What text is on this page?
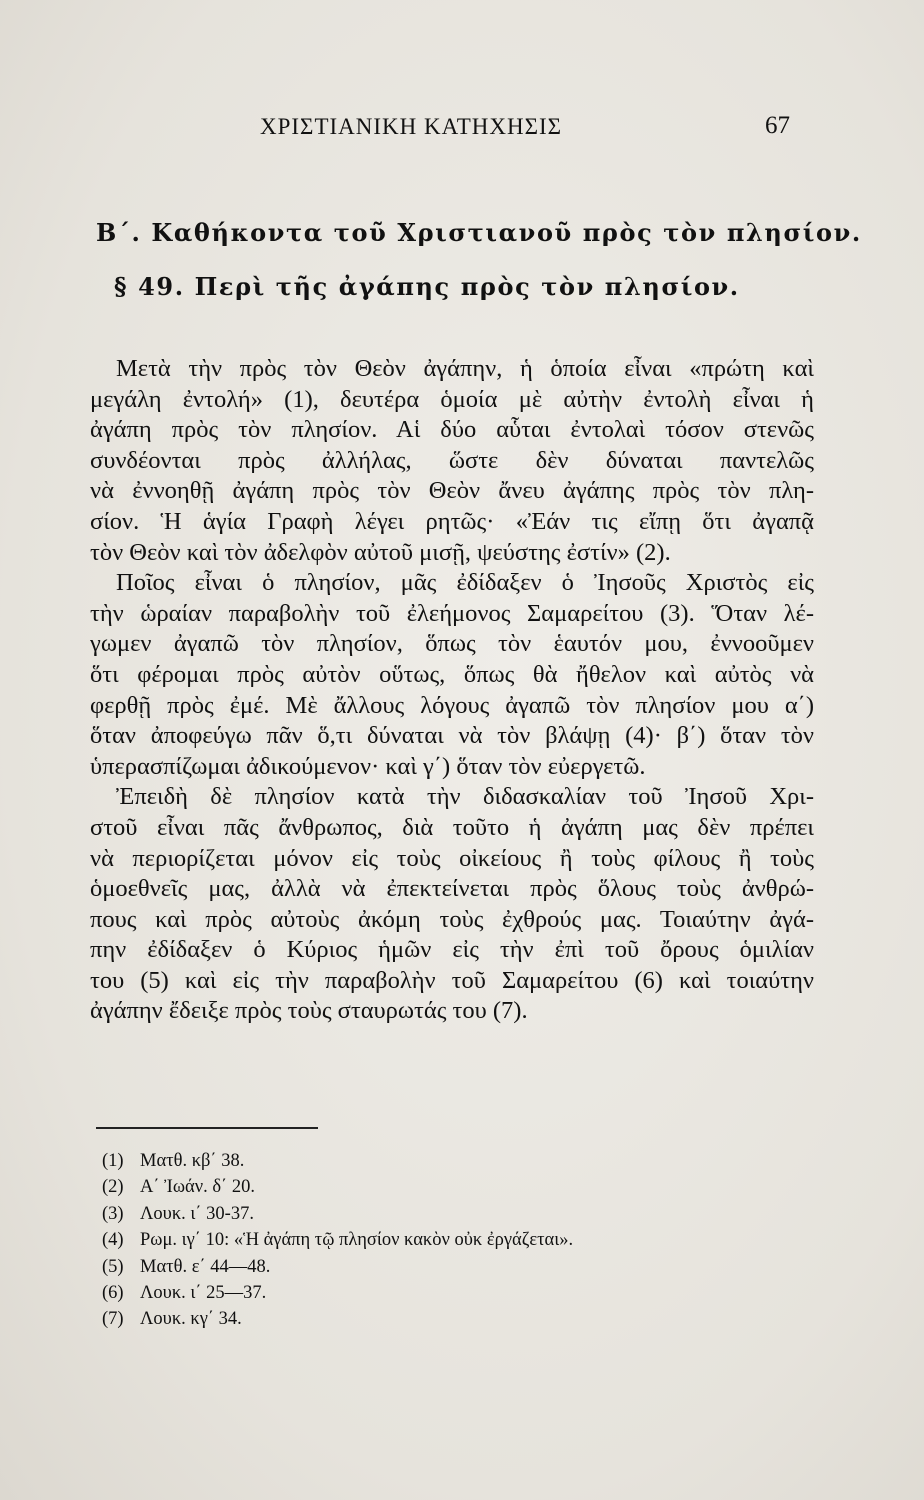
ΧΡΙΣΤΙΑΝΙΚΗ ΚΑΤΗΧΗΣΙΣ	67
Β΄. Καθήκοντα τοῦ Χριστιανοῦ πρὸς τὸν πλησίον.
§ 49. Περὶ τῆς ἀγάπης πρὸς τὸν πλησίον.
Μετὰ τὴν πρὸς τὸν Θεὸν ἀγάπην, ἡ ὁποία εἶναι «πρώτη καὶ
μεγάλη ἐντολή» (1), δευτέρα ὁμοία μὲ αὐτὴν ἐντολὴ εἶναι ἡ
ἀγάπη πρὸς τὸν πλησίον. Αἱ δύο αὗται ἐντολαὶ τόσον στενῶς
συνδέονται πρὸς ἀλλήλας, ὥστε δὲν δύναται παντελῶς
νὰ ἐννοηθῇ ἀγάπη πρὸς τὸν Θεὸν ἄνευ ἀγάπης πρὸς τὸν πλη-
σίον. Ἡ ἁγία Γραφὴ λέγει ρητῶς· «Ἐάν τις εἴπῃ ὅτι ἀγαπᾷ
τὸν Θεὸν καὶ τὸν ἀδελφὸν αὐτοῦ μισῇ, ψεύστης ἐστίν» (2).
Ποῖος εἶναι ὁ πλησίον, μᾶς ἐδίδαξεν ὁ Ἰησοῦς Χριστὸς εἰς
τὴν ὡραίαν παραβολὴν τοῦ ἐλεήμονος Σαμαρείτου (3). Ὅταν λέ-
γωμεν ἀγαπῶ τὸν πλησίον, ὅπως τὸν ἑαυτόν μου, ἐννοοῦμεν
ὅτι φέρομαι πρὸς αὐτὸν οὕτως, ὅπως θὰ ἤθελον καὶ αὐτὸς νὰ
φερθῇ πρὸς ἐμέ. Μὲ ἄλλους λόγους ἀγαπῶ τὸν πλησίον μου α΄)
ὅταν ἀποφεύγω πᾶν ὅ,τι δύναται νὰ τὸν βλάψῃ (4)· β΄) ὅταν τὸν
ὑπερασπίζωμαι ἀδικούμενον· καὶ γ΄) ὅταν τὸν εὐεργετῶ.
Ἐπειδὴ δὲ πλησίον κατὰ τὴν διδασκαλίαν τοῦ Ἰησοῦ Χρι-
στοῦ εἶναι πᾶς ἄνθρωπος, διὰ τοῦτο ἡ ἀγάπη μας δὲν πρέπει
νὰ περιορίζεται μόνον εἰς τοὺς οἰκείους ἢ τοὺς φίλους ἢ τοὺς
ὁμοεθνεῖς μας, ἀλλὰ νὰ ἐπεκτείνεται πρὸς ὅλους τοὺς ἀνθρώ-
πους καὶ πρὸς αὐτοὺς ἀκόμη τοὺς ἐχθρούς μας. Τοιαύτην ἀγά-
πην ἐδίδαξεν ὁ Κύριος ἡμῶν εἰς τὴν ἐπὶ τοῦ ὄρους ὁμιλίαν
του (5) καὶ εἰς τὴν παραβολὴν τοῦ Σαμαρείτου (6) καὶ τοιαύτην
ἀγάπην ἔδειξε πρὸς τοὺς σταυρωτάς του (7).
(1) Ματθ. κβ΄ 38.
(2) Α΄ Ἰωάν. δ΄ 20.
(3) Λουκ. ι΄ 30-37.
(4) Ρωμ. ιγ΄ 10: «Ἡ ἀγάπη τῷ πλησίον κακὸν οὐκ ἐργάζεται».
(5) Ματθ. ε΄ 44—48.
(6) Λουκ. ι΄ 25—37.
(7) Λουκ. κγ΄ 34.
